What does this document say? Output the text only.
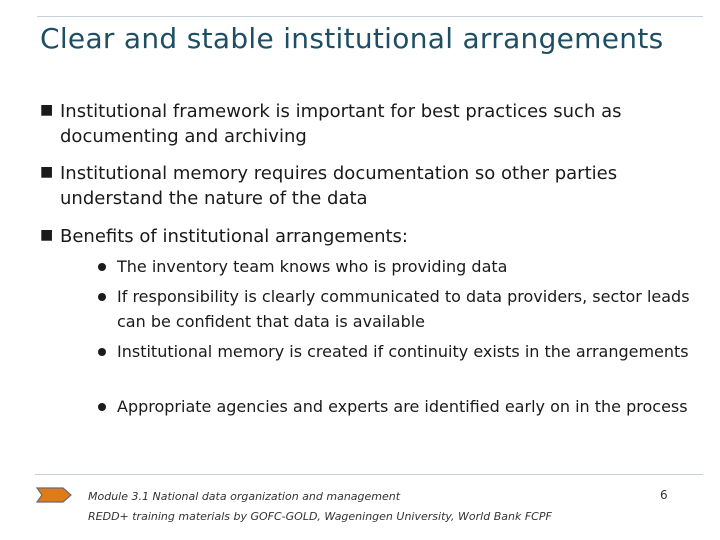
Clear and stable institutional arrangements
■ Institutional framework is important for best practices such as documenting and archiving
■ Institutional memory requires documentation so other parties understand the nature of the data
■ Benefits of institutional arrangements:
The inventory team knows who is providing data
If responsibility is clearly communicated to data providers, sector leads can be confident that data is available
Institutional memory is created if continuity exists in the arrangements
Appropriate agencies and experts are identified early on in the process
Module 3.1 National data organization and management
REDD+ training materials by GOFC-GOLD, Wageningen University, World Bank FCPF
6
